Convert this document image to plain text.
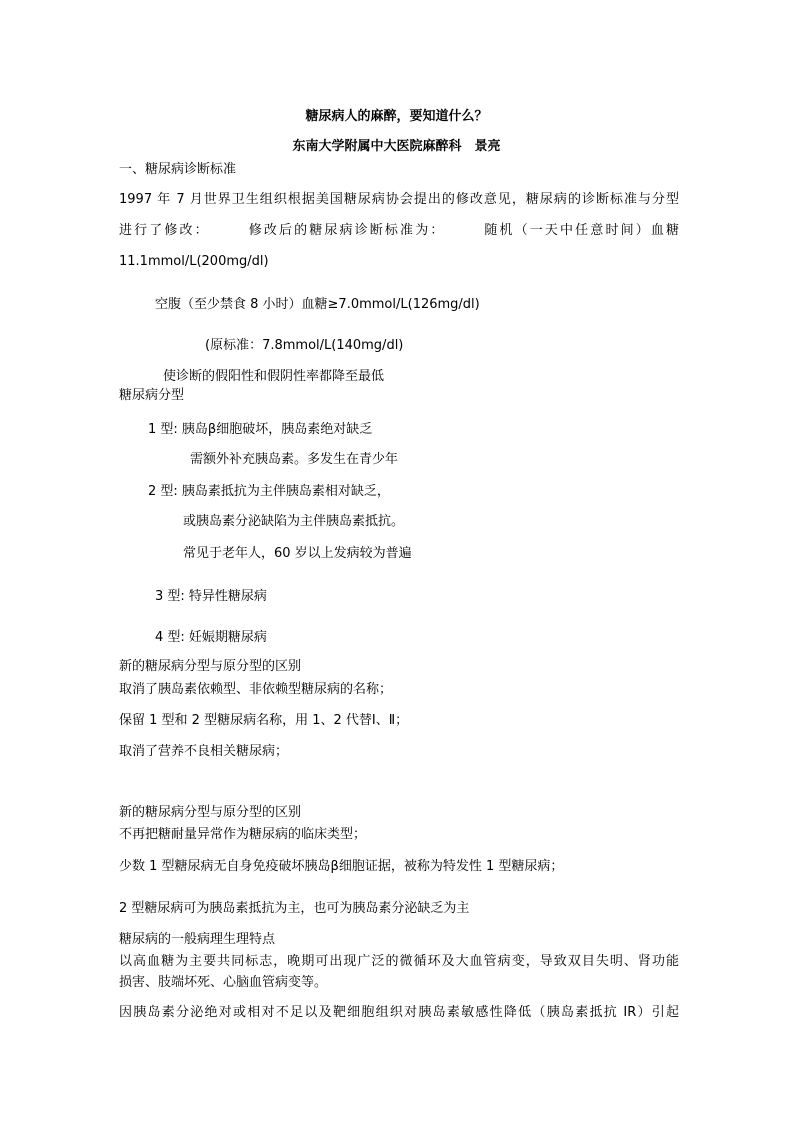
糖尿病人的麻醉，要知道什么？
东南大学附属中大医院麻醉科　景亮
一、糖尿病诊断标准
1997 年 7 月世界卫生组织根据美国糖尿病协会提出的修改意见，糖尿病的诊断标准与分型
进行了修改：　　　修改后的糖尿病诊断标准为：　　　随机（一天中任意时间）血糖
11.1mmol/L(200mg/dl)
空腹（至少禁食 8 小时）血糖≥7.0mmol/L(126mg/dl)
(原标准：7.8mmol/L(140mg/dl)
使诊断的假阳性和假阴性率都降至最低
糖尿病分型
1 型: 胰岛β细胞破坏，胰岛素绝对缺乏
需额外补充胰岛素。多发生在青少年
2 型: 胰岛素抵抗为主伴胰岛素相对缺乏，
或胰岛素分泌缺陷为主伴胰岛素抵抗。
常见于老年人，60 岁以上发病较为普遍
3 型: 特异性糖尿病
4 型: 妊娠期糖尿病
新的糖尿病分型与原分型的区别
取消了胰岛素依赖型、非依赖型糖尿病的名称；
保留 1 型和 2 型糖尿病名称，用 1、2 代替Ⅰ、Ⅱ；
取消了营养不良相关糖尿病；
新的糖尿病分型与原分型的区别
不再把糖耐量异常作为糖尿病的临床类型；
少数 1 型糖尿病无自身免疫破坏胰岛β细胞证据，被称为特发性 1 型糖尿病；
2 型糖尿病可为胰岛素抵抗为主，也可为胰岛素分泌缺乏为主
糖尿病的一般病理生理特点
以高血糖为主要共同标志，晚期可出现广泛的微循环及大血管病变，导致双目失明、肾功能
损害、肢端坏死、心脑血管病变等。
因胰岛素分泌绝对或相对不足以及靶细胞组织对胰岛素敏感性降低（胰岛素抵抗 IR）引起
